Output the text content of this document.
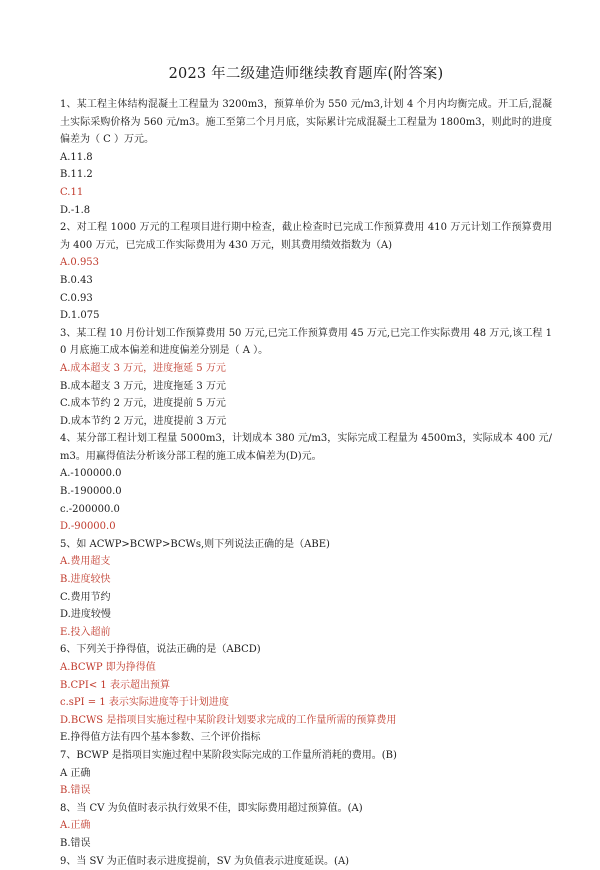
2023 年二级建造师继续教育题库(附答案)

1、某工程主体结构混凝土工程量为 3200m3，预算单价为 550 元/m3,计划 4 个月内均衡完成。开工后,混凝土实际采购价格为 560 元/m3。施工至第二个月月底，实际累计完成混凝土工程量为 1800m3，则此时的进度偏差为（ C ）万元。

A.11.8

B.11.2

C.11

D.-1.8

2、对工程 1000 万元的工程项目进行期中检查，截止检查时已完成工作预算费用 410 万元计划工作预算费用为 400 万元，已完成工作实际费用为 430 万元，则其费用绩效指数为（A)

A.0.953

B.0.43

C.0.93

D.1.075

3、某工程 10 月份计划工作预算费用 50 万元,已完工作预算费用 45 万元,已完工作实际费用 48 万元,该工程 10 月底施工成本偏差和进度偏差分别是（ A ）。

A.成本超支 3 万元，进度拖延 5 万元

B.成本超支 3 万元，进度拖延 3 万元

C.成本节约 2 万元，进度提前 5 万元

D.成本节约 2 万元，进度提前 3 万元

4、某分部工程计划工程量 5000m3，计划成本 380 元/m3，实际完成工程量为 4500m3，实际成本 400 元/m3。用赢得值法分析该分部工程的施工成本偏差为(D)元。

A.-100000.0

B.-190000.0

c.-200000.0

D.-90000.0

5、如 ACWP>BCWP>BCWs,则下列说法正确的是（ABE)

A.费用超支

B.进度较快

C.费用节约

D.进度较慢

E.投入超前

6、下列关于挣得值，说法正确的是（ABCD)

A.BCWP 即为挣得值

B.CPI< 1 表示超出预算

c.sPI = 1 表示实际进度等于计划进度

D.BCWS 是指项目实施过程中某阶段计划要求完成的工作量所需的预算费用

E.挣得值方法有四个基本参数、三个评价指标

7、BCWP 是指项目实施过程中某阶段实际完成的工作量所消耗的费用。(B)

A 正确

B.错误

8、当 CV 为负值时表示执行效果不佳，即实际费用超过预算值。(A)

A.正确

B.错误

9、当 SV 为正值时表示进度提前，SV 为负值表示进度延误。(A)
